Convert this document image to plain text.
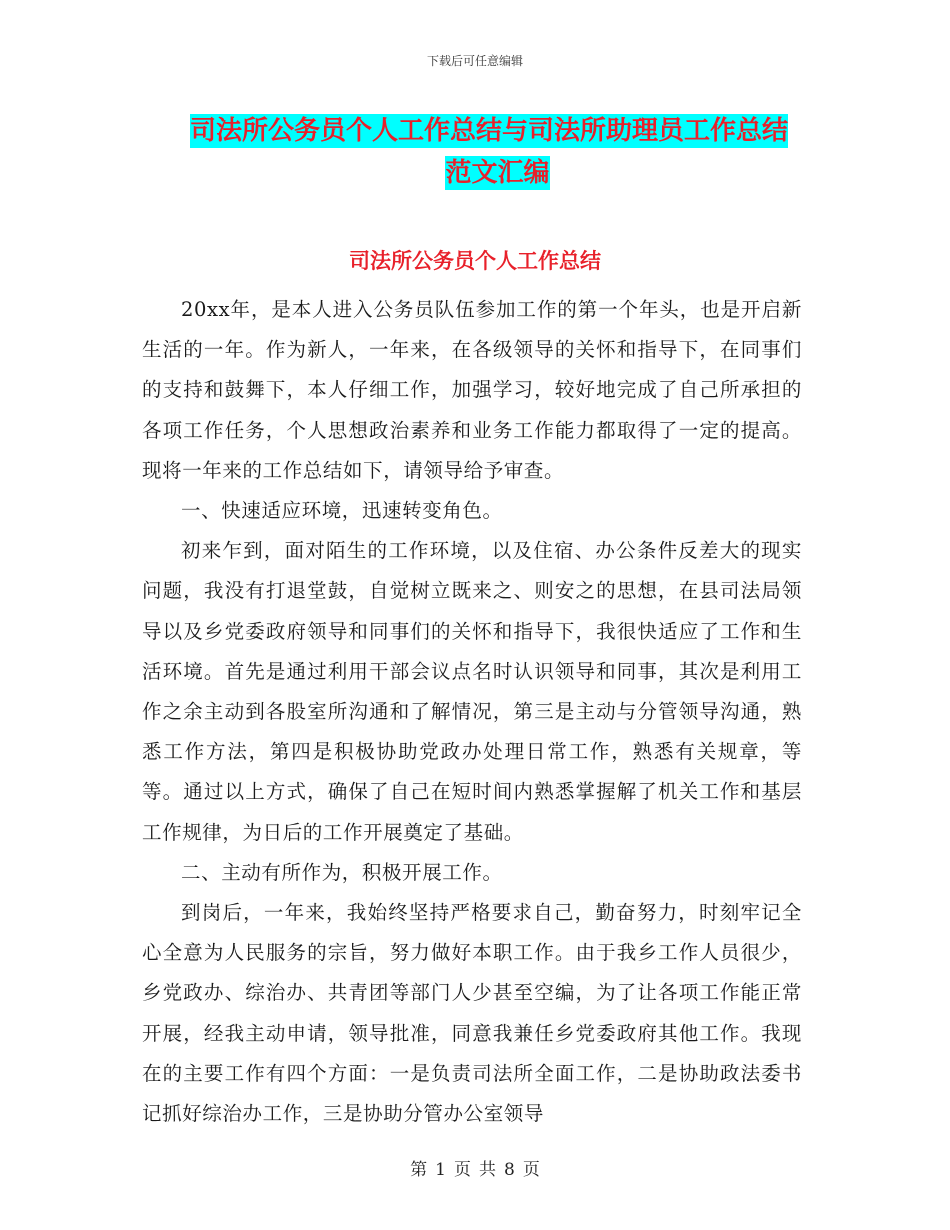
下载后可任意编辑
司法所公务员个人工作总结与司法所助理员工作总结
范文汇编
司法所公务员个人工作总结

20xx年，是本人进入公务员队伍参加工作的第一个年头，也是开启新生活的一年。作为新人，一年来，在各级领导的关怀和指导下，在同事们的支持和鼓舞下，本人仔细工作，加强学习，较好地完成了自己所承担的各项工作任务，个人思想政治素养和业务工作能力都取得了一定的提高。现将一年来的工作总结如下，请领导给予审查。

一、快速适应环境，迅速转变角色。

初来乍到，面对陌生的工作环境，以及住宿、办公条件反差大的现实问题，我没有打退堂鼓，自觉树立既来之、则安之的思想，在县司法局领导以及乡党委政府领导和同事们的关怀和指导下，我很快适应了工作和生活环境。首先是通过利用干部会议点名时认识领导和同事，其次是利用工作之余主动到各股室所沟通和了解情况，第三是主动与分管领导沟通，熟悉工作方法，第四是积极协助党政办处理日常工作，熟悉有关规章，等等。通过以上方式，确保了自己在短时间内熟悉掌握解了机关工作和基层工作规律，为日后的工作开展奠定了基础。

二、主动有所作为，积极开展工作。

到岗后，一年来，我始终坚持严格要求自己，勤奋努力，时刻牢记全心全意为人民服务的宗旨，努力做好本职工作。由于我乡工作人员很少，乡党政办、综治办、共青团等部门人少甚至空编，为了让各项工作能正常开展，经我主动申请，领导批准，同意我兼任乡党委政府其他工作。我现在的主要工作有四个方面：一是负责司法所全面工作，二是协助政法委书记抓好综治办工作，三是协助分管办公室领导

第 1 页 共 8 页
